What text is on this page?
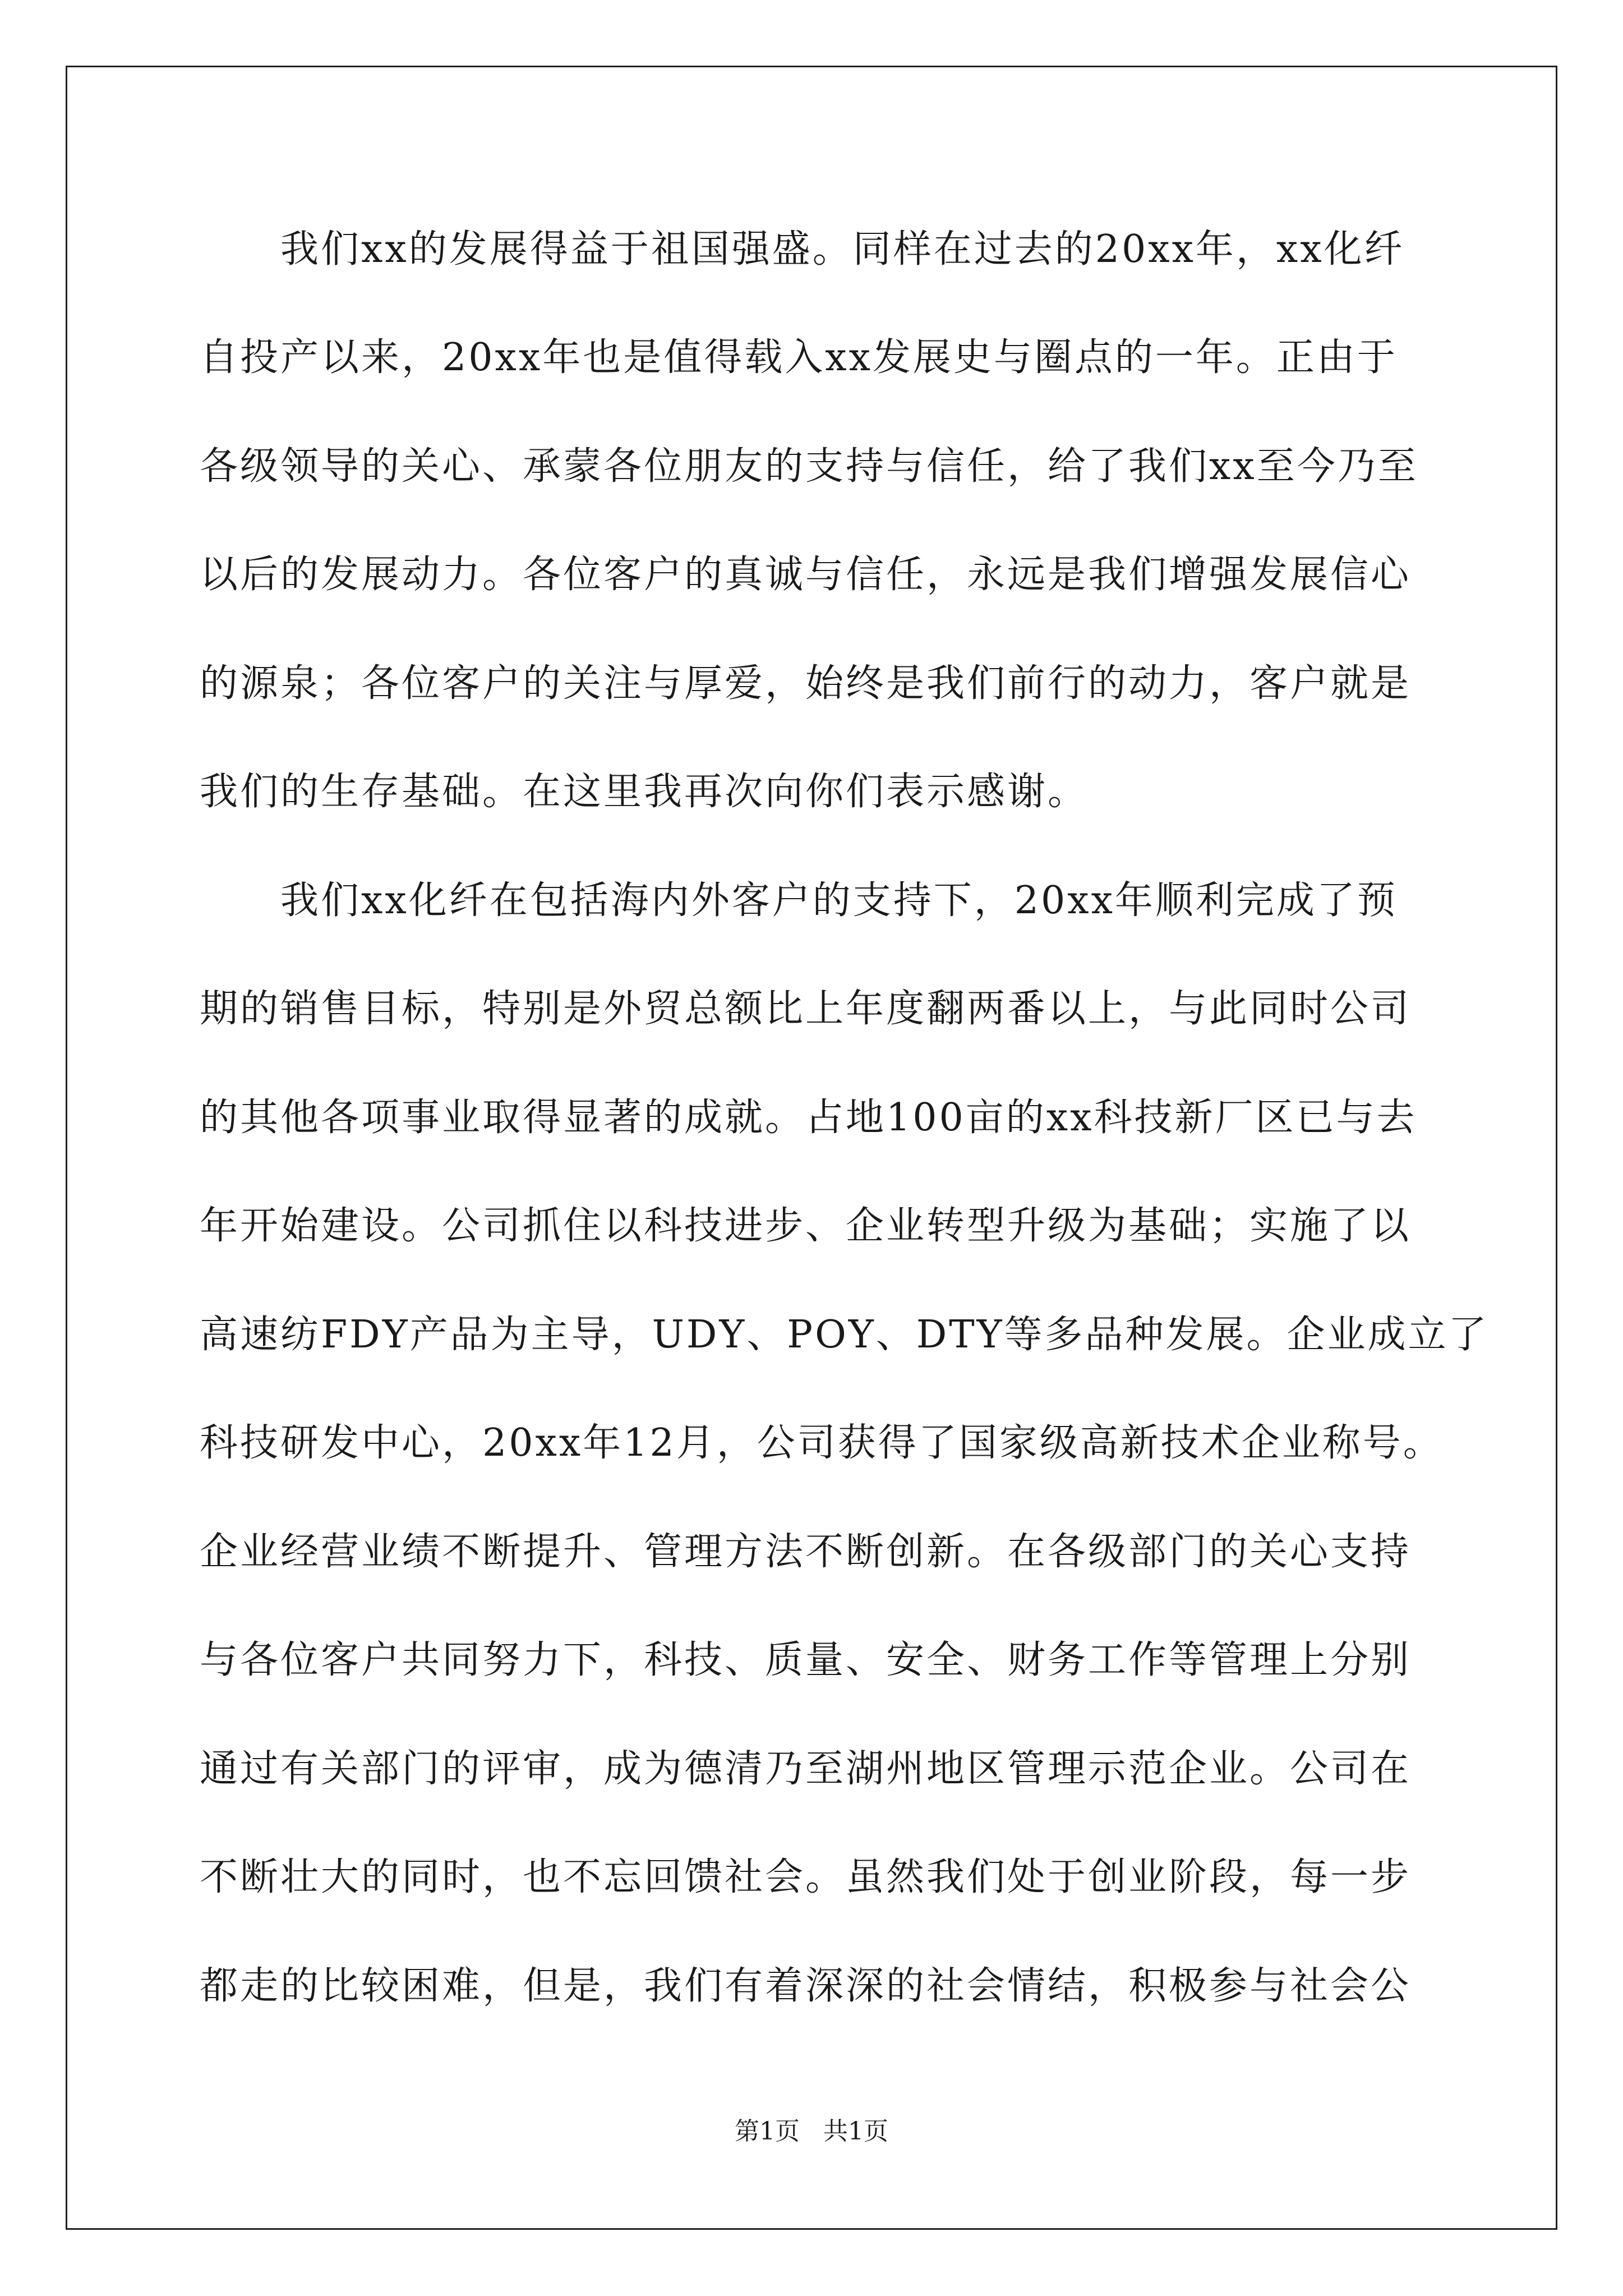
　　我们xx的发展得益于祖国强盛。同样在过去的20xx年，xx化纤
自投产以来，20xx年也是值得载入xx发展史与圈点的一年。正由于
各级领导的关心、承蒙各位朋友的支持与信任，给了我们xx至今乃至
以后的发展动力。各位客户的真诚与信任，永远是我们增强发展信心
的源泉；各位客户的关注与厚爱，始终是我们前行的动力，客户就是
我们的生存基础。在这里我再次向你们表示感谢。
　　我们xx化纤在包括海内外客户的支持下，20xx年顺利完成了预
期的销售目标，特别是外贸总额比上年度翻两番以上，与此同时公司
的其他各项事业取得显著的成就。占地100亩的xx科技新厂区已与去
年开始建设。公司抓住以科技进步、企业转型升级为基础；实施了以
高速纺FDY产品为主导，UDY、POY、DTY等多品种发展。企业成立了
科技研发中心，20xx年12月，公司获得了国家级高新技术企业称号。
企业经营业绩不断提升、管理方法不断创新。在各级部门的关心支持
与各位客户共同努力下，科技、质量、安全、财务工作等管理上分别
通过有关部门的评审，成为德清乃至湖州地区管理示范企业。公司在
不断壮大的同时，也不忘回馈社会。虽然我们处于创业阶段，每一步
都走的比较困难，但是，我们有着深深的社会情结，积极参与社会公
第1页   共1页
